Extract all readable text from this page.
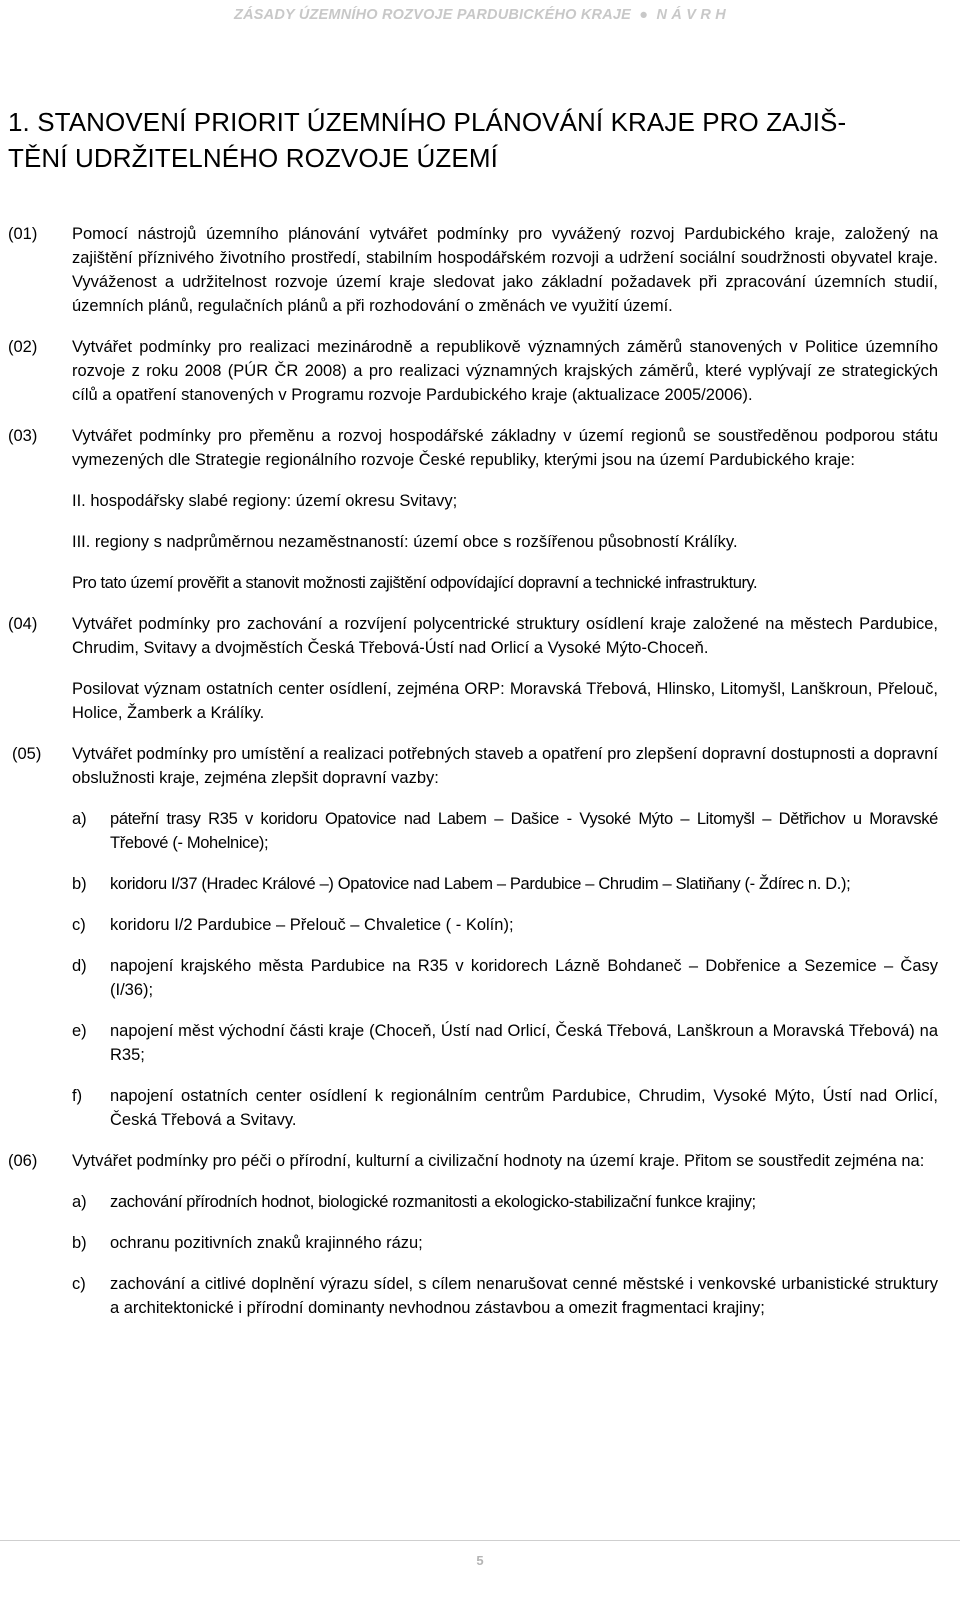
ZÁSADY ÚZEMNÍHO ROZVOJE PARDUBICKÉHO KRAJE ● N Á V R H
1. STANOVENÍ PRIORIT ÚZEMNÍHO PLÁNOVÁNÍ KRAJE PRO ZAJIŠ-
TĚNÍ UDRŽITELNÉHO ROZVOJE ÚZEMÍ
(01) Pomocí nástrojů územního plánování vytvářet podmínky pro vyvážený rozvoj Pardubického kraje, založený na zajištění příznivého životního prostředí, stabilním hospodářském rozvoji a udržení sociální soudržnosti obyvatel kraje. Vyváženost a udržitelnost rozvoje území kraje sledovat jako základní požadavek při zpracování územních studií, územních plánů, regulačních plánů a při rozhodování o změnách ve využití území.

(02) Vytvářet podmínky pro realizaci mezinárodně a republikově významných záměrů stanovených v Politice územního rozvoje z roku 2008 (PÚR ČR 2008) a pro realizaci významných krajských záměrů, které vyplývají ze strategických cílů a opatření stanovených v Programu rozvoje Pardubického kraje (aktualizace 2005/2006).

(03) Vytvářet podmínky pro přeměnu a rozvoj hospodářské základny v území regionů se soustředěnou podporou státu vymezených dle Strategie regionálního rozvoje České republiky, kterými jsou na území Pardubického kraje:

II. hospodářsky slabé regiony: území okresu Svitavy;

III. regiony s nadprůměrnou nezaměstnaností: území obce s rozšířenou působností Králíky.

Pro tato území prověřit a stanovit možnosti zajištění odpovídající dopravní a technické infrastruktury.

(04) Vytvářet podmínky pro zachování a rozvíjení polycentrické struktury osídlení kraje založené na městech Pardubice, Chrudim, Svitavy a dvojměstích Česká Třebová-Ústí nad Orlicí a Vysoké Mýto-Choceň.

Posilovat význam ostatních center osídlení, zejména ORP: Moravská Třebová, Hlinsko, Litomyšl, Lanškroun, Přelouč, Holice, Žamberk a Králíky.

(05) Vytvářet podmínky pro umístění a realizaci potřebných staveb a opatření pro zlepšení dopravní dostupnosti a dopravní obslužnosti kraje, zejména zlepšit dopravní vazby:

a) páteřní trasy R35 v koridoru Opatovice nad Labem – Dašice - Vysoké Mýto – Litomyšl – Dětřichov u Moravské Třebové (- Mohelnice);
b) koridoru I/37 (Hradec Králové –) Opatovice nad Labem – Pardubice – Chrudim – Slatiňany (- Ždírec n. D.);
c) koridoru I/2 Pardubice – Přelouč – Chvaletice ( - Kolín);
d) napojení krajského města Pardubice na R35 v koridorech Lázně Bohdaneč – Dobřenice a Sezemice – Časy (I/36);
e) napojení měst východní části kraje (Choceň, Ústí nad Orlicí, Česká Třebová, Lanškroun a Moravská Třebová) na R35;
f) napojení ostatních center osídlení k regionálním centrům Pardubice, Chrudim, Vysoké Mýto, Ústí nad Orlicí, Česká Třebová a Svitavy.
(06) Vytvářet podmínky pro péči o přírodní, kulturní a civilizační hodnoty na území kraje. Přitom se soustředit zejména na:

a) zachování přírodních hodnot, biologické rozmanitosti a ekologicko-stabilizační funkce krajiny;
b) ochranu pozitivních znaků krajinného rázu;
c) zachování a citlivé doplnění výrazu sídel, s cílem nenarušovat cenné městské i venkovské urbanistické struktury a architektonické i přírodní dominanty nevhodnou zástavbou a omezit fragmentaci krajiny;
5
